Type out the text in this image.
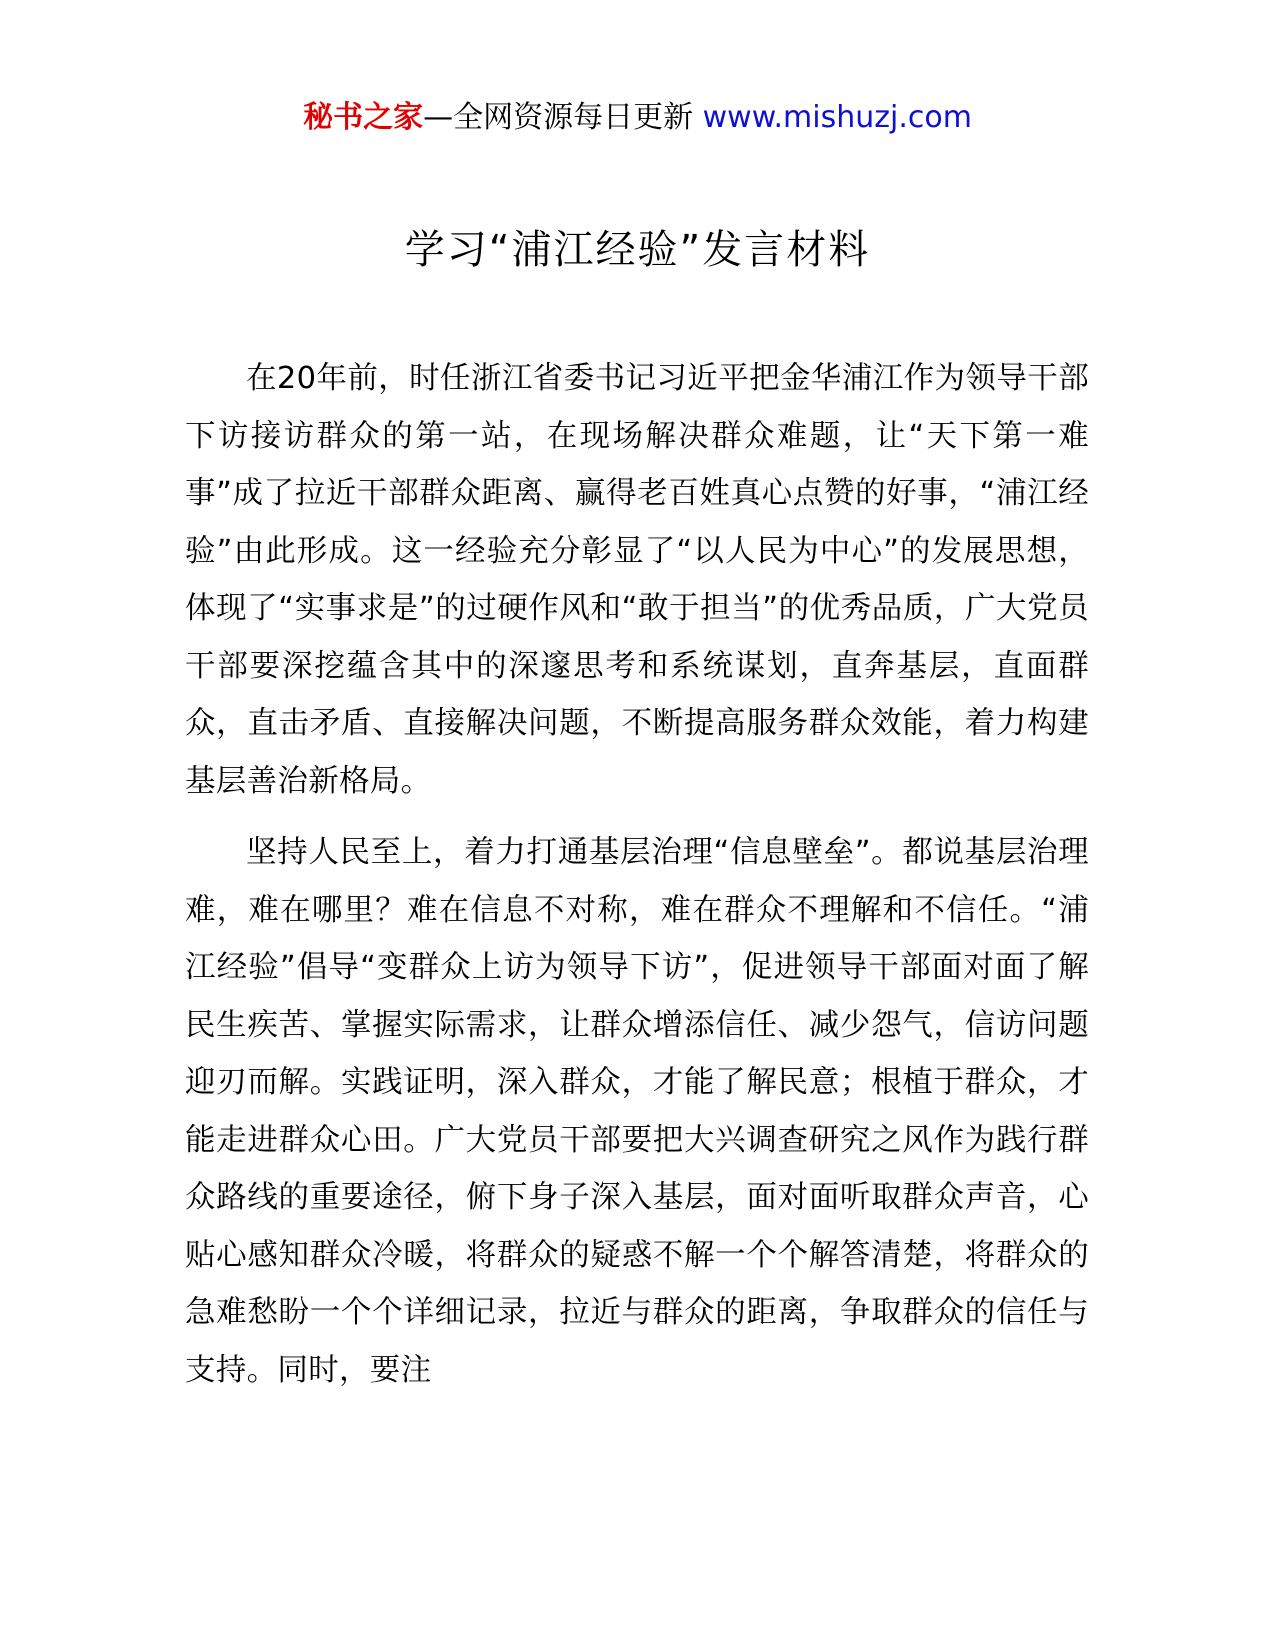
秘书之家—全网资源每日更新 www.mishuzj.com
学习“浦江经验”发言材料

在20年前，时任浙江省委书记习近平把金华浦江作为领导干部下访接访群众的第一站，在现场解决群众难题，让“天下第一难事”成了拉近干部群众距离、赢得老百姓真心点赞的好事，“浦江经验”由此形成。这一经验充分彰显了“以人民为中心”的发展思想，体现了“实事求是”的过硬作风和“敢于担当”的优秀品质，广大党员干部要深挖蕴含其中的深邃思考和系统谋划，直奔基层，直面群众，直击矛盾、直接解决问题，不断提高服务群众效能，着力构建基层善治新格局。

坚持人民至上，着力打通基层治理“信息壁垒”。都说基层治理难，难在哪里？难在信息不对称，难在群众不理解和不信任。“浦江经验”倡导“变群众上访为领导下访”，促进领导干部面对面了解民生疾苦、掌握实际需求，让群众增添信任、减少怨气，信访问题迎刃而解。实践证明，深入群众，才能了解民意；根植于群众，才能走进群众心田。广大党员干部要把大兴调查研究之风作为践行群众路线的重要途径，俯下身子深入基层，面对面听取群众声音，心贴心感知群众冷暖，将群众的疑惑不解一个个解答清楚，将群众的急难愁盼一个个详细记录，拉近与群众的距离，争取群众的信任与支持。同时，要注
